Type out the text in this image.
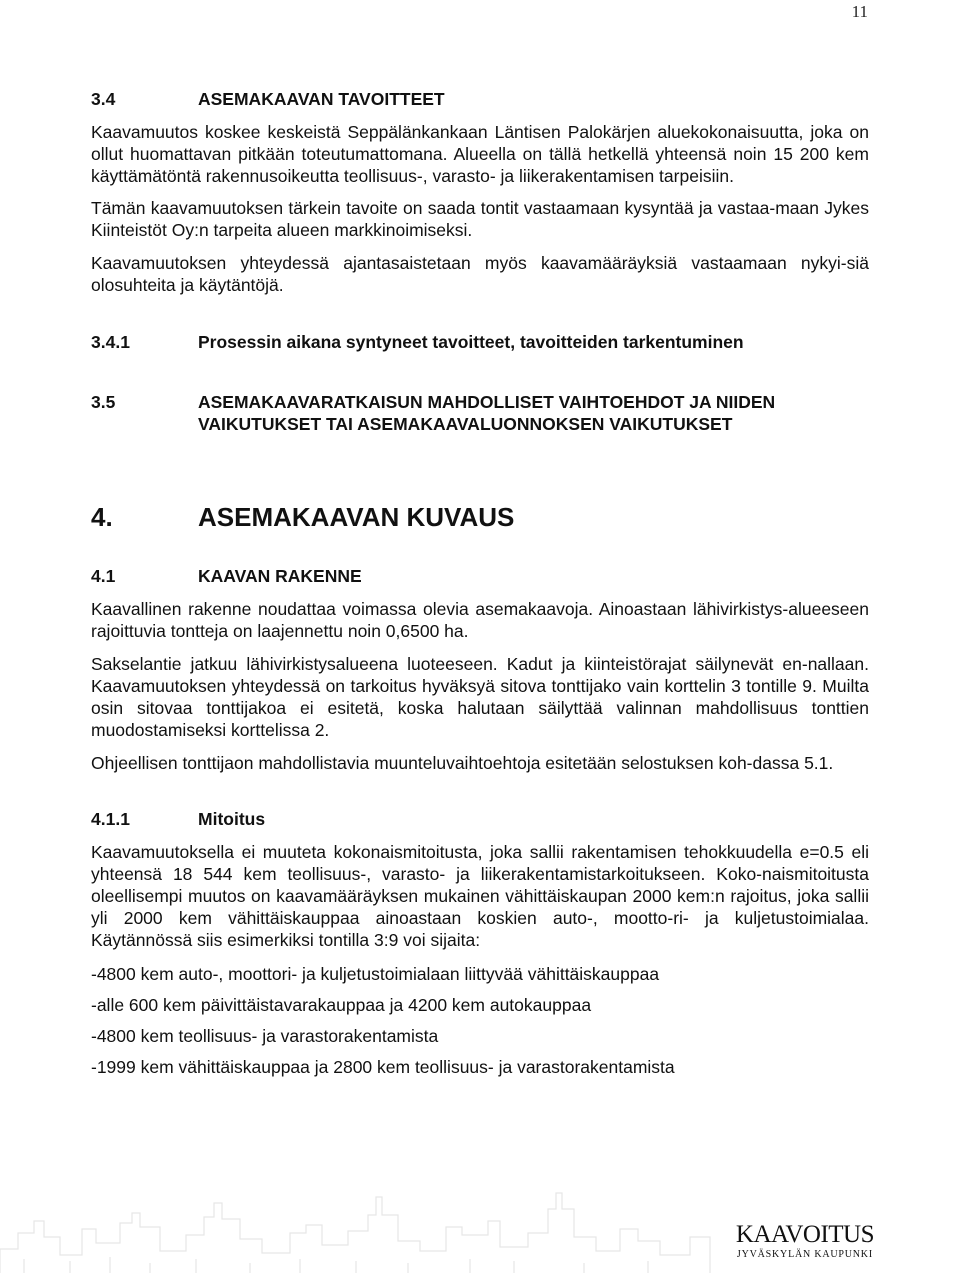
11
3.4	ASEMAKAAVAN TAVOITTEET

Kaavamuutos koskee keskeistä Seppälänkankaan Läntisen Palokärjen aluekokonaisuutta, joka on ollut huomattavan pitkään toteutumattomana. Alueella on tällä hetkellä yhteensä noin 15 200 kem käyttämätöntä rakennusoikeutta teollisuus-, varasto- ja liikerakentamisen tarpeisiin.

Tämän kaavamuutoksen tärkein tavoite on saada tontit vastaamaan kysyntää ja vastaa-maan Jykes Kiinteistöt Oy:n tarpeita alueen markkinoimiseksi.

Kaavamuutoksen yhteydessä ajantasaistetaan myös kaavamääräyksiä vastaamaan nykyi-siä olosuhteita ja käytäntöjä.

3.4.1	Prosessin aikana syntyneet tavoitteet, tavoitteiden tarkentuminen
3.5	ASEMAKAAVARATKAISUN MAHDOLLISET VAIHTOEHDOT JA NIIDEN VAIKUTUKSET TAI ASEMAKAAVALUONNOKSEN VAIKUTUKSET
4.	ASEMAKAAVAN KUVAUS
4.1	KAAVAN RAKENNE

Kaavallinen rakenne noudattaa voimassa olevia asemakaavoja. Ainoastaan lähivirkistys-alueeseen rajoittuvia tontteja on laajennettu noin 0,6500 ha.

Sakselantie jatkuu lähivirkistysalueena luoteeseen. Kadut ja kiinteistörajat säilynevät en-nallaan. Kaavamuutoksen yhteydessä on tarkoitus hyväksyä sitova tonttijako vain korttelin 3 tontille 9. Muilta osin sitovaa tonttijakoa ei esitetä, koska halutaan säilyttää valinnan mahdollisuus tonttien muodostamiseksi korttelissa 2.

Ohjeellisen tonttijaon mahdollistavia muunteluvaihtoehtoja esitetään selostuksen koh-dassa 5.1.

4.1.1	Mitoitus

Kaavamuutoksella ei muuteta kokonaismitoitusta, joka sallii rakentamisen tehokkuudella e=0.5 eli yhteensä 18 544 kem teollisuus-, varasto- ja liikerakentamistarkoitukseen. Koko-naismitoitusta oleellisempi muutos on kaavamääräyksen mukainen vähittäiskaupan 2000 kem:n rajoitus, joka sallii yli 2000 kem vähittäiskauppaa ainoastaan koskien auto-, mootto-ri- ja kuljetustoimialaa. Käytännössä siis esimerkiksi tontilla 3:9 voi sijaita:

-4800 kem auto-, moottori- ja kuljetustoimialaan liittyvää vähittäiskauppaa
-alle 600 kem päivittäistavarakauppaa ja 4200 kem autokauppaa
-4800 kem teollisuus- ja varastorakentamista
-1999 kem vähittäiskauppaa ja 2800 kem teollisuus- ja varastorakentamista
KAAVOITUS
JYVÄSKYLÄN KAUPUNKI
